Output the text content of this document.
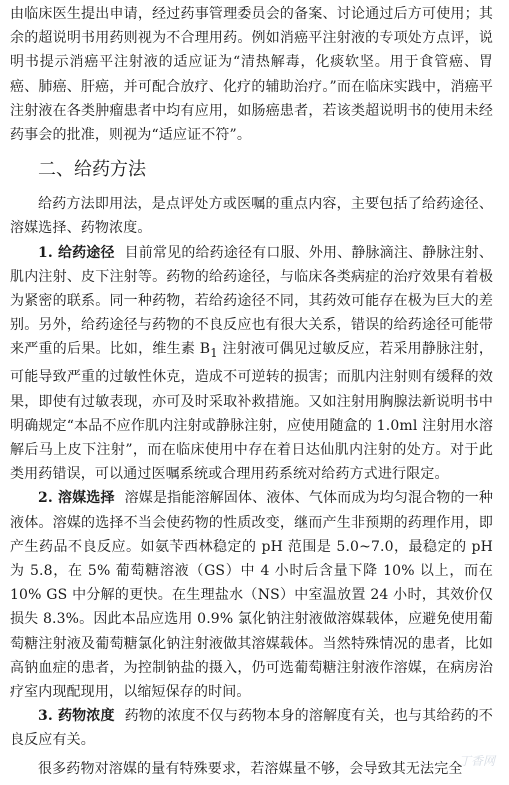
由临床医生提出申请，经过药事管理委员会的备案、讨论通过后方可使用；其余的超说明书用药则视为不合理用药。例如消癌平注射液的专项处方点评，说明书提示消癌平注射液的适应证为“清热解毒，化痰软坚。用于食管癌、胃癌、肺癌、肝癌，并可配合放疗、化疗的辅助治疗。”而在临床实践中，消癌平注射液在各类肿瘤患者中均有应用，如肠癌患者，若该类超说明书的使用未经药事会的批准，则视为“适应证不符”。

二、给药方法

给药方法即用法，是点评处方或医嘱的重点内容，主要包括了给药途径、溶媒选择、药物浓度。

1. 给药途径 目前常见的给药途径有口服、外用、静脉滴注、静脉注射、肌内注射、皮下注射等。药物的给药途径，与临床各类病症的治疗效果有着极为紧密的联系。同一种药物，若给药途径不同，其药效可能存在极为巨大的差别。另外，给药途径与药物的不良反应也有很大关系，错误的给药途径可能带来严重的后果。比如，维生素 $B_1$ 注射液可偶见过敏反应，若采用静脉注射，可能导致严重的过敏性休克，造成不可逆转的损害；而肌内注射则有缓释的效果，即使有过敏表现，亦可及时采取补救措施。又如注射用胸腺法新说明书中明确规定“本品不应作肌内注射或静脉注射，应使用随盒的 1.0ml 注射用水溶解后马上皮下注射”，而在临床使用中存在着日达仙肌内注射的处方。对于此类用药错误，可以通过医嘱系统或合理用药系统对给药方式进行限定。

2. 溶媒选择 溶媒是指能溶解固体、液体、气体而成为均匀混合物的一种液体。溶媒的选择不当会使药物的性质改变，继而产生非预期的药理作用，即产生药品不良反应。如氨苄西林稳定的 pH 范围是 5.0~7.0，最稳定的 pH 为 5.8，在 5% 葡萄糖溶液（GS）中 4 小时后含量下降 10% 以上，而在 10% GS 中分解的更快。在生理盐水（NS）中室温放置 24 小时，其效价仅损失 8.3%。因此本品应选用 0.9% 氯化钠注射液做溶媒载体，应避免使用葡萄糖注射液及葡萄糖氯化钠注射液做其溶媒载体。当然特殊情况的患者，比如高钠血症的患者，为控制钠盐的摄入，仍可选葡萄糖注射液作溶媒，在病房治疗室内现配现用，以缩短保存的时间。

3. 药物浓度 药物的浓度不仅与药物本身的溶解度有关，也与其给药的不良反应有关。

很多药物对溶媒的量有特殊要求，若溶媒量不够，会导致其无法完全

丁香网
